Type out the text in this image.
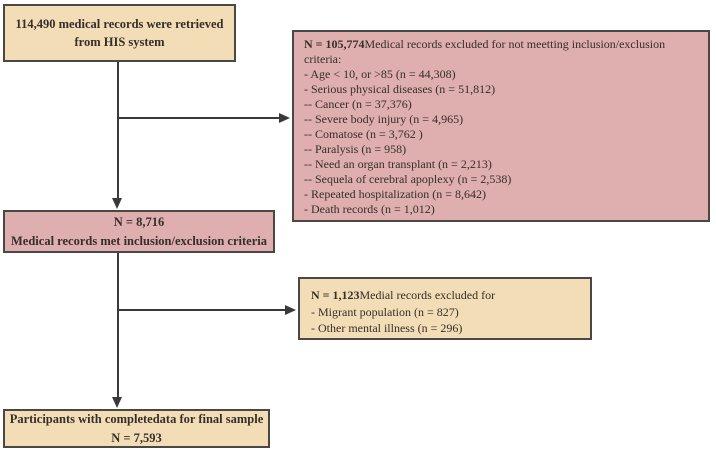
114,490 medical records were retrieved
from HIS system	N = 105,774Medical records excluded for not meetting inclusion/exclusion criteria:
- Age < 10, or >85 (n = 44,308)
- Serious physical diseases (n = 51,812)
-- Cancer (n = 37,376)
-- Severe body injury (n = 4,965)
-- Comatose (n = 3,762 )
-- Paralysis (n = 958)
-- Need an organ transplant (n = 2,213)
-- Sequela of cerebral apoplexy (n = 2,538)
- Repeated hospitalization (n = 8,642)
- Death records (n = 1,012)
N = 8,716
Medical records met inclusion/exclusion criteria
N = 1,123Medial records excluded for
- Migrant population (n = 827)
- Other mental illness (n = 296)
Participants with completedata for final sample
N = 7,593
